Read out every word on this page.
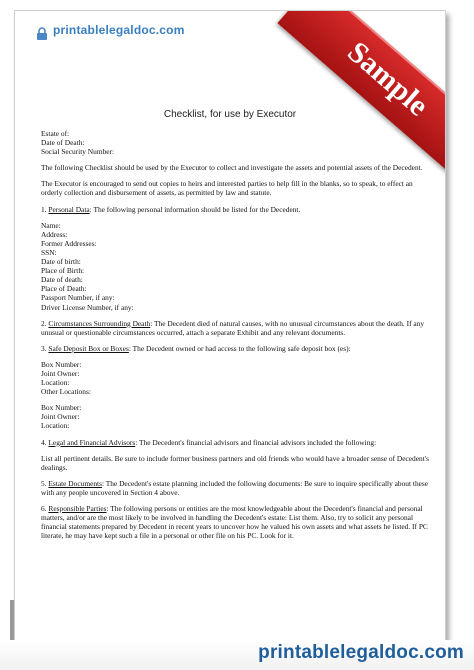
printablelegaldoc.com
Sample
Checklist, for use by Executor

Estate of:
Date of Death:
Social Security Number:

The following Checklist should be used by the Executor to collect and investigate the assets and potential assets of the Decedent.

The Executor is encouraged to send out copies to heirs and interested parties to help fill in the blanks, so to speak, to effect an orderly collection and disbursement of assets, as permitted by law and statute.

1. Personal Data: The following personal information should be listed for the Decedent.

Name:
Address:
Former Addresses:
SSN:
Date of birth:
Place of Birth:
Date of death:
Place of Death:
Passport Number, if any:
Driver License Number, if any:

2. Circumstances Surrounding Death: The Decedent died of natural causes, with no unusual circumstances about the death. If any unusual or questionable circumstances occurred, attach a separate Exhibit and any relevant documents.

3. Safe Deposit Box or Boxes: The Decedent owned or had access to the following safe deposit box (es):

Box Number:
Joint Owner:
Location:
Other Locations:

Box Number:
Joint Owner:
Location:

4. Legal and Financial Advisors: The Decedent's financial advisors and financial advisors included the following:

List all pertinent details. Be sure to include former business partners and old friends who would have a broader sense of Decedent's dealings.

5. Estate Documents: The Decedent's estate planning included the following documents: Be sure to inquire specifically about these with any people uncovered in Section 4 above.

6. Responsible Parties: The following persons or entities are the most knowledgeable about the Decedent's financial and personal matters, and/or are the most likely to be involved in handling the Decedent's estate: List them. Also, try to solicit any personal financial statements prepared by Decedent in recent years to uncover how he valued his own assets and what assets he listed. If PC literate, he may have kept such a file in a personal or other file on his PC. Look for it.

printablelegaldoc.com
